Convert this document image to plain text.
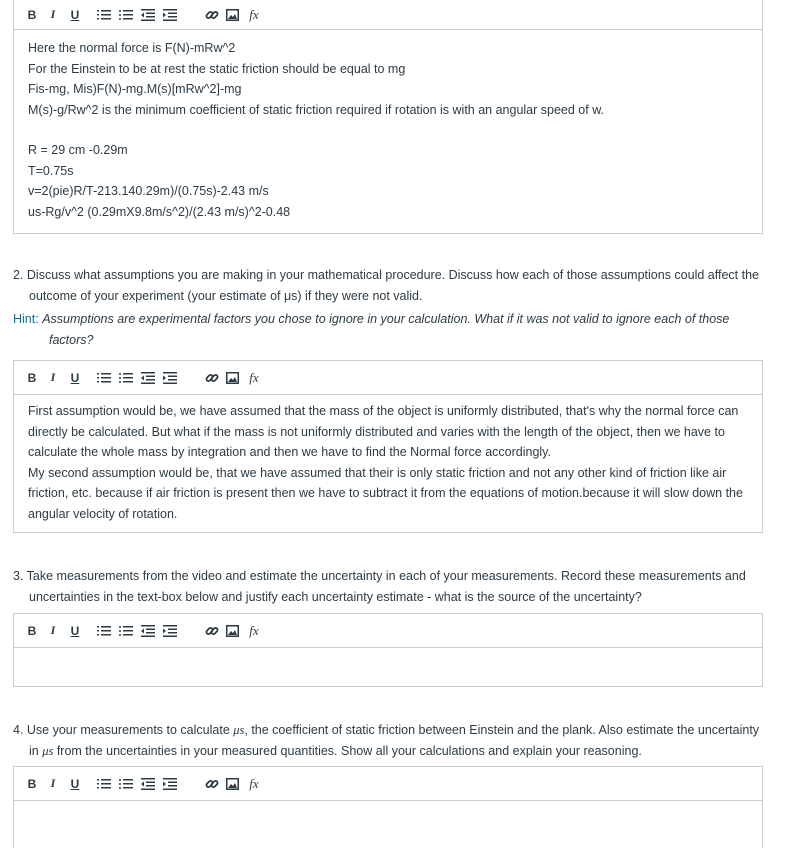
B	I	U	fx

Here the normal force is F(N)-mRw^2

For the Einstein to be at rest the static friction should be equal to mg

Fis-mg, Mis)F(N)-mg.M(s)[mRw^2]-mg

M(s)-g/Rw^2 is the minimum coefficient of static friction required if rotation is with an angular speed of w.

R = 29 cm -0.29m

T=0.75s

v=2(pie)R/T-213.140.29m)/(0.75s)-2.43 m/s

us-Rg/v^2 (0.29mX9.8m/s^2)/(2.43 m/s)^2-0.48

2. Discuss what assumptions you are making in your mathematical procedure. Discuss how each of those assumptions could affect the outcome of your experiment (your estimate of μs) if they were not valid.
Hint: Assumptions are experimental factors you chose to ignore in your calculation. What if it was not valid to ignore each of those factors?
B	I	U	fx

First assumption would be, we have assumed that the mass of the object is uniformly distributed, that's why the normal force can directly be calculated. But what if the mass is not uniformly distributed and varies with the length of the object, then we have to calculate the whole mass by integration and then we have to find the Normal force accordingly.

My second assumption would be, that we have assumed that their is only static friction and not any other kind of friction like air friction, etc. because if air friction is present then we have to subtract it from the equations of motion.because it will slow down the angular velocity of rotation.

3. Take measurements from the video and estimate the uncertainty in each of your measurements. Record these measurements and uncertainties in the text-box below and justify each uncertainty estimate - what is the source of the uncertainty?
B	I	U	fx
4. Use your measurements to calculate μs, the coefficient of static friction between Einstein and the plank. Also estimate the uncertainty in μs from the uncertainties in your measured quantities. Show all your calculations and explain your reasoning.
B	I	U	fx
